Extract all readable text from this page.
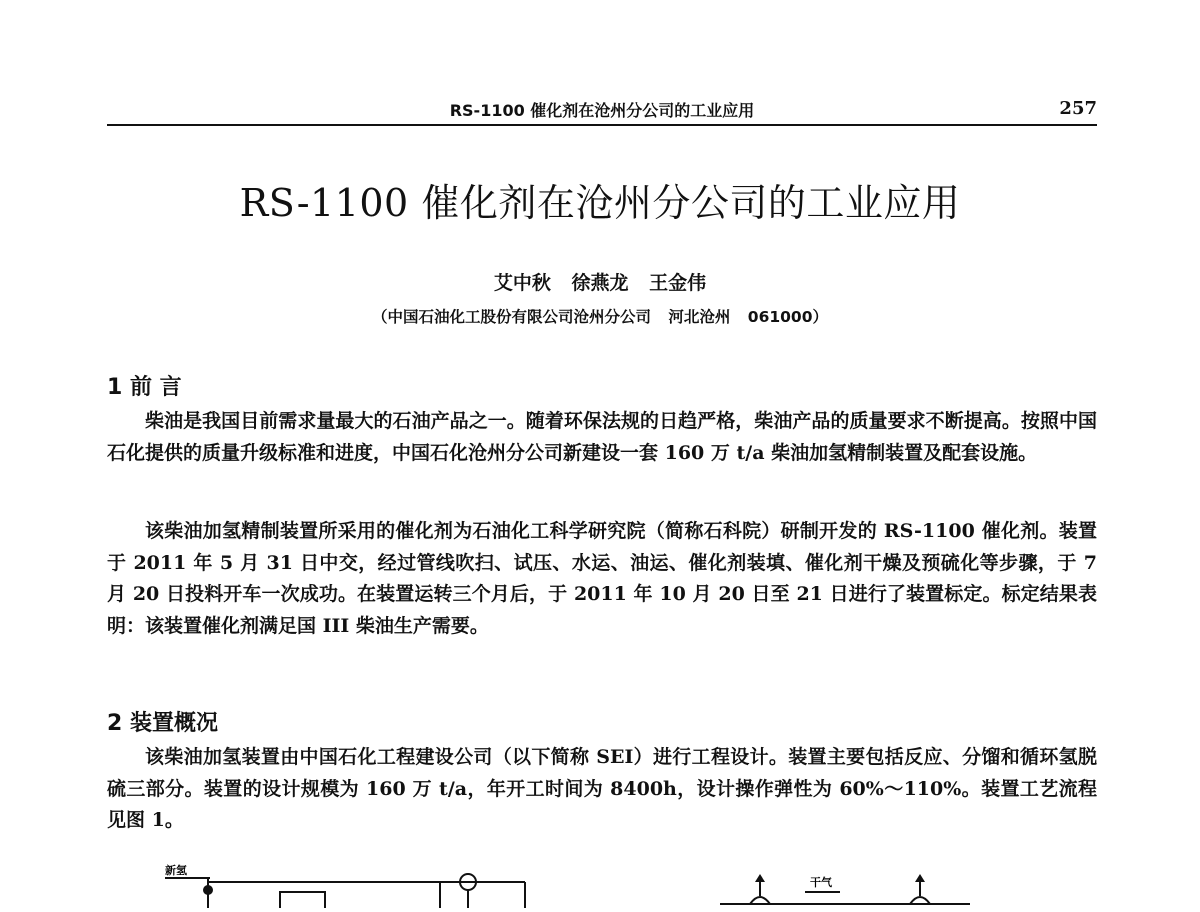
RS-1100 催化剂在沧州分公司的工业应用	257
RS-1100 催化剂在沧州分公司的工业应用
艾中秋 徐燕龙 王金伟
（中国石油化工股份有限公司沧州分公司 河北沧州 061000）
1 前 言
柴油是我国目前需求量最大的石油产品之一。随着环保法规的日趋严格，柴油产品的质量要求不断提高。按照中国石化提供的质量升级标准和进度，中国石化沧州分公司新建设一套 160 万 t/a 柴油加氢精制装置及配套设施。
该柴油加氢精制装置所采用的催化剂为石油化工科学研究院（简称石科院）研制开发的 RS-1100 催化剂。装置于 2011 年 5 月 31 日中交，经过管线吹扫、试压、水运、油运、催化剂装填、催化剂干燥及预硫化等步骤，于 7 月 20 日投料开车一次成功。在装置运转三个月后，于 2011 年 10 月 20 日至 21 日进行了装置标定。标定结果表明：该装置催化剂满足国 III 柴油生产需要。
2 装置概况
该柴油加氢装置由中国石化工程建设公司（以下简称 SEI）进行工程设计。装置主要包括反应、分馏和循环氢脱硫三部分。装置的设计规模为 160 万 t/a，年开工时间为 8400h，设计操作弹性为 60%～110%。装置工艺流程见图 1。
新氢
干气
